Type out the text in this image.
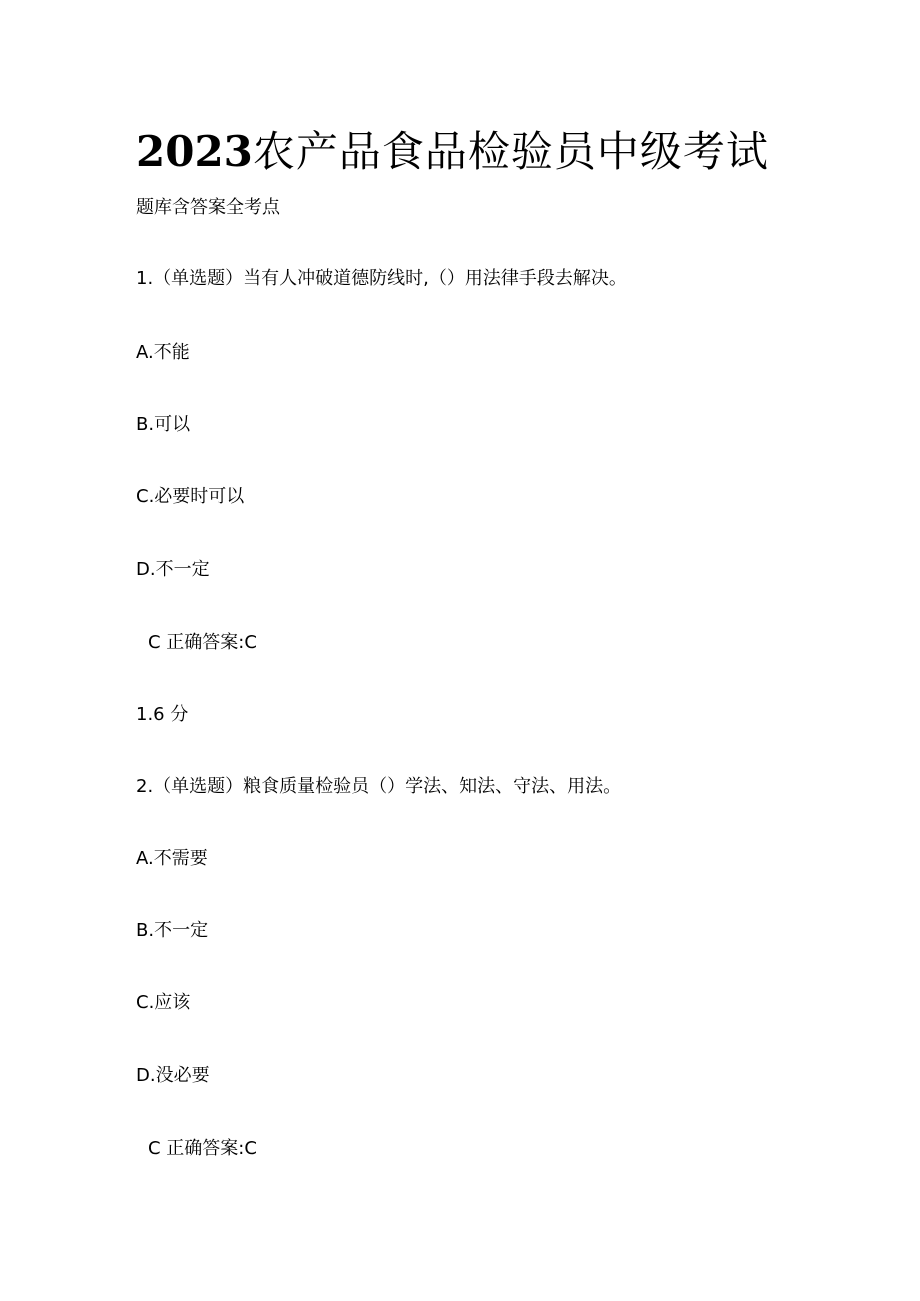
2023农产品食品检验员中级考试
题库含答案全考点
1.（单选题）当有人冲破道德防线时,（）用法律手段去解决。
A.不能
B.可以
C.必要时可以
D.不一定
C 正确答案:C
1.6 分
2.（单选题）粮食质量检验员（）学法、知法、守法、用法。
A.不需要
B.不一定
C.应该
D.没必要
C 正确答案:C
